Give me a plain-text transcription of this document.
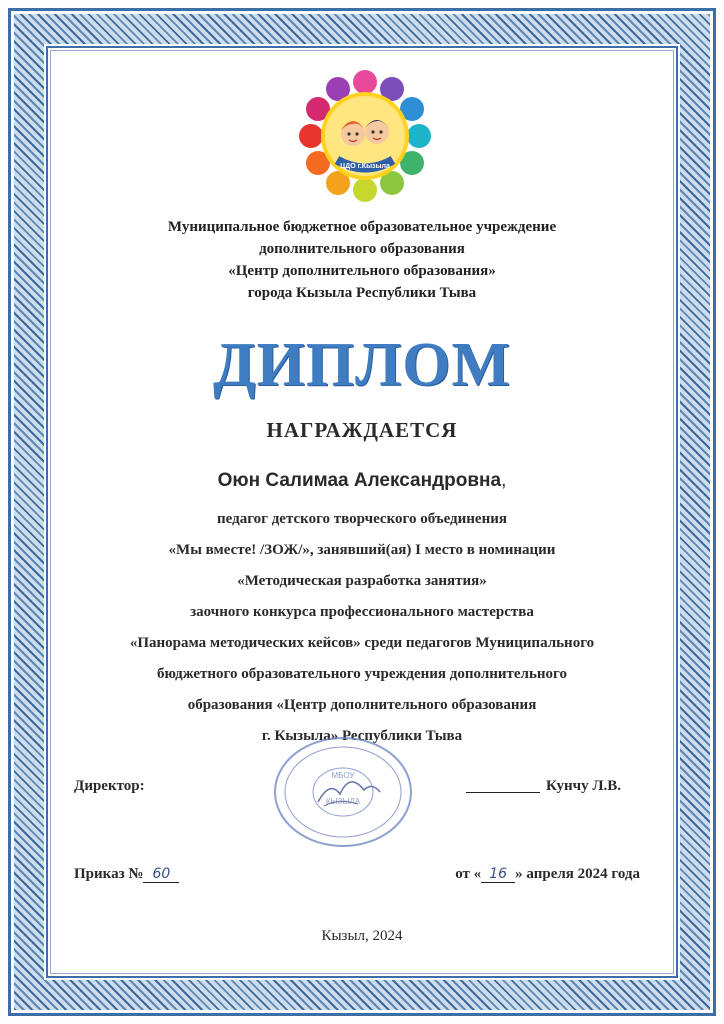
ЦДО г.Кызыла
Муниципальное бюджетное образовательное учреждение
дополнительного образования
«Центр дополнительного образования»
города Кызыла Республики Тыва
ДИПЛОМ
НАГРАЖДАЕТСЯ
Оюн Салимаа Александровна,
педагог детского творческого объединения
«Мы вместе! /ЗОЖ/», занявший(ая) I место в номинации
«Методическая разработка занятия»
заочного конкурса профессионального мастерства
«Панорама методических кейсов» среди педагогов Муниципального
бюджетного образовательного учреждения дополнительного
образования «Центр дополнительного образования
г. Кызыла» Республики Тыва
МБОУ
КЫЗЫЛА
Директор:	Кунчу Л.В.
Приказ № 60	от « 16 » апреля 2024 года
Кызыл, 2024
